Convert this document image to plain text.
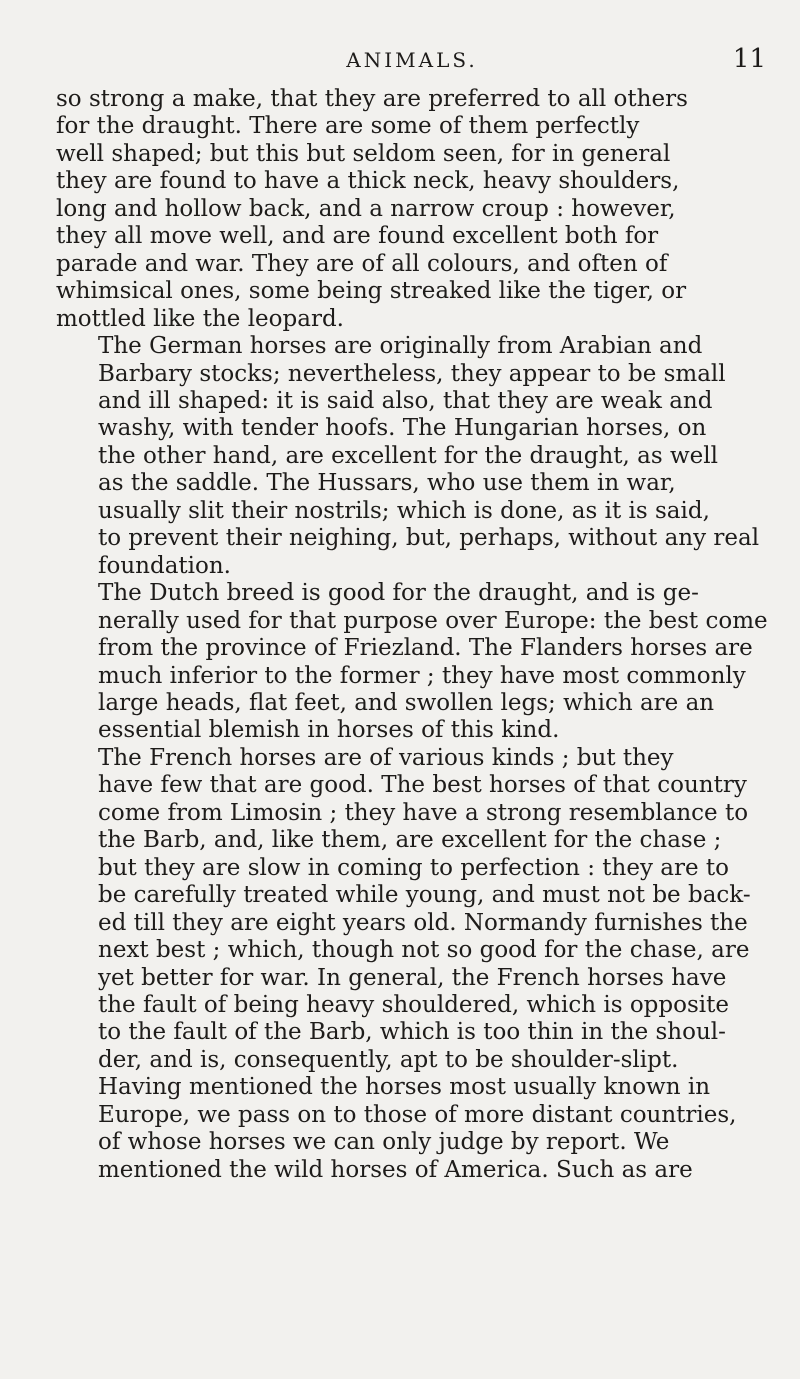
ANIMALS.	11

so strong a make, that they are preferred to all others
for the draught. There are some of them perfectly
well shaped; but this but seldom seen, for in general
they are found to have a thick neck, heavy shoulders,
long and hollow back, and a narrow croup : however,
they all move well, and are found excellent both for
parade and war. They are of all colours, and often of
whimsical ones, some being streaked like the tiger, or
mottled like the leopard.

The German horses are originally from Arabian and
Barbary stocks; nevertheless, they appear to be small
and ill shaped: it is said also, that they are weak and
washy, with tender hoofs. The Hungarian horses, on
the other hand, are excellent for the draught, as well
as the saddle. The Hussars, who use them in war,
usually slit their nostrils; which is done, as it is said,
to prevent their neighing, but, perhaps, without any real
foundation.

The Dutch breed is good for the draught, and is ge-
nerally used for that purpose over Europe: the best come
from the province of Friezland. The Flanders horses are
much inferior to the former ; they have most commonly
large heads, flat feet, and swollen legs; which are an
essential blemish in horses of this kind.

The French horses are of various kinds ; but they
have few that are good. The best horses of that country
come from Limosin ; they have a strong resemblance to
the Barb, and, like them, are excellent for the chase ;
but they are slow in coming to perfection : they are to
be carefully treated while young, and must not be back-
ed till they are eight years old. Normandy furnishes the
next best ; which, though not so good for the chase, are
yet better for war. In general, the French horses have
the fault of being heavy shouldered, which is opposite
to the fault of the Barb, which is too thin in the shoul-
der, and is, consequently, apt to be shoulder-slipt.

Having mentioned the horses most usually known in
Europe, we pass on to those of more distant countries,
of whose horses we can only judge by report. We
mentioned the wild horses of America. Such as are
